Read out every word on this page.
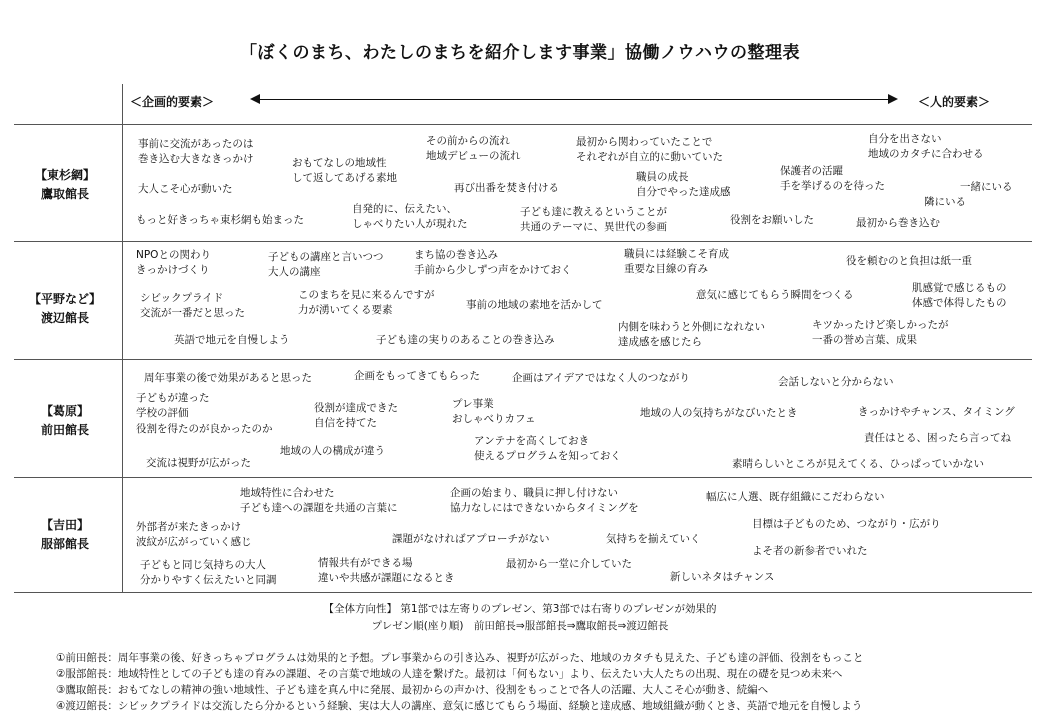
「ぼくのまち、わたしのまちを紹介します事業」協働ノウハウの整理表
＜企画的要素＞	＜人的要素＞
【東杉網】
鷹取館長
事前に交流があったのは
巻き込む大きなきっかけ	おもてなしの地域性
して返してあげる素地
その前からの流れ
地域デビューの流れ
最初から関わっていたことで
それぞれが自立的に動いていた
自分を出さない
地域のカタチに合わせる
大人こそ心が動いた	再び出番を焚き付ける
職員の成長
自分でやった達成感
保護者の活躍
手を挙げるのを待った	一緒にいる
隣にいる
自発的に、伝えたい、
しゃべりたい人が現れた
子ども達に教えるということが
共通のテーマに、異世代の参画
もっと好きっちゃ東杉網も始まった	役割をお願いした	最初から巻き込む
【平野など】
渡辺館長
NPOとの関わり
きっかけづくり
子どもの講座と言いつつ
大人の講座
まち協の巻き込み
手前から少しずつ声をかけておく
職員には経験こそ育成
重要な目線の育み
役を頼むのと負担は紙一重
シビックプライド
交流が一番だと思った
このまちを見に来るんですが
力が湧いてくる要素	事前の地域の素地を活かして
意気に感じてもらう瞬間をつくる
肌感覚で感じるもの
体感で体得したもの
英語で地元を自慢しよう	子ども達の実りのあることの巻き込み
内側を味わうと外側になれない
達成感を感じたら
キツかったけど楽しかったが
一番の誉め言葉、成果
【葛原】
前田館長
周年事業の後で効果があると思った	企画をもってきてもらった	企画はアイデアではなく人のつながり	会話しないと分からない
子どもが違った
学校の評価
役割を得たのが良かったのか
役割が達成できた
自信を持てた
プレ事業
おしゃべりカフェ	地域の人の気持ちがなびいたとき	きっかけやチャンス、タイミング
アンテナを高くしておき
使えるプログラムを知っておく
責任はとる、困ったら言ってね
交流は視野が広がった
地域の人の構成が違う
素晴らしいところが見えてくる、ひっぱっていかない
【吉田】
服部館長
地域特性に合わせた
子ども達への課題を共通の言葉に
企画の始まり、職員に押し付けない
協力なしにはできないからタイミングを
幅広に人選、既存組織にこだわらない
外部者が来たきっかけ
波紋が広がっていく感じ	課題がなければアプローチがない	気持ちを揃えていく
目標は子どものため、つながり・広がり
よそ者の新参者でいれた
子どもと同じ気持ちの大人
分かりやすく伝えたいと同調
情報共有ができる場
違いや共感が課題になるとき
最初から一堂に介していた
新しいネタはチャンス
【全体方向性】 第1部では左寄りのプレゼン、第3部では右寄りのプレゼンが効果的
プレゼン順(座り順)　前田館長⇒服部館長⇒鷹取館長⇒渡辺館長
①前田館長：周年事業の後、好きっちゃプログラムは効果的と予想。プレ事業からの引き込み、視野が広がった、地域のカタチも見えた、子ども達の評価、役割をもっこと
②服部館長：地域特性としての子ども達の育みの課題、その言葉で地域の人達を繋げた。最初は「何もない」より、伝えたい大人たちの出現、現在の礎を見つめ未来へ
③鷹取館長：おもてなしの精神の強い地域性、子ども達を真ん中に発展、最初からの声かけ、役割をもっことで各人の活躍、大人こそ心が動き、続編へ
④渡辺館長：シビックプライドは交流したら分かるという経験、実は大人の講座、意気に感じてもらう場面、経験と達成感、地域組織が動くとき、英語で地元を自慢しよう
